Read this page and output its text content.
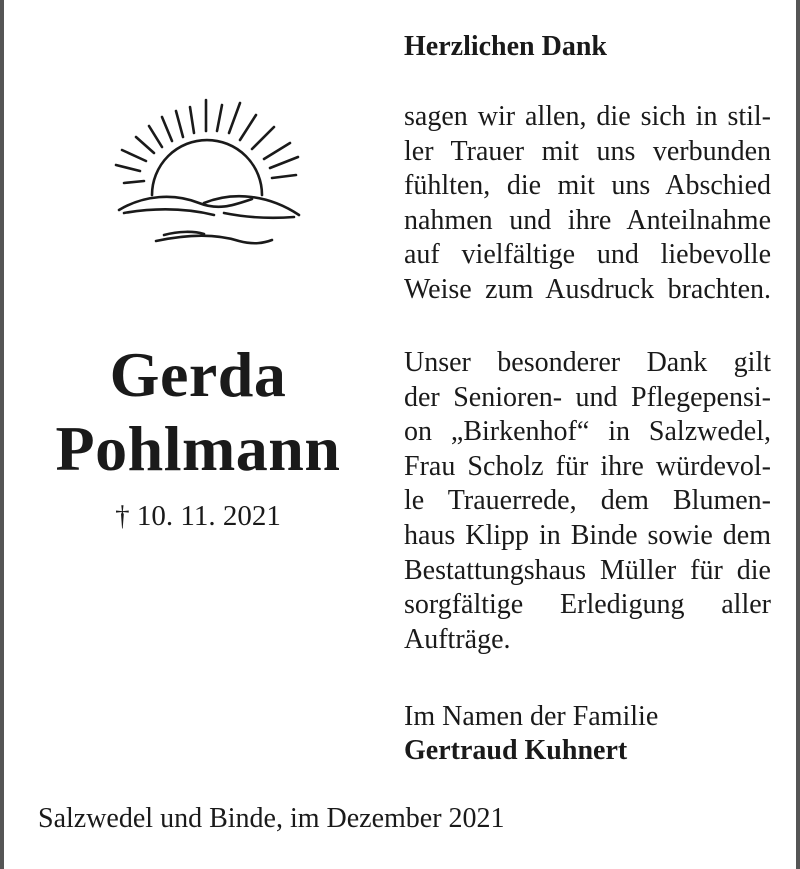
Gerda
Pohlmann
† 10. 11. 2021
Herzlichen Dank
sagen wir allen, die sich in stil-
ler Trauer mit uns verbunden
fühlten, die mit uns Abschied
nahmen und ihre Anteilnahme
auf vielfältige und liebevolle
Weise zum Ausdruck brachten.
Unser besonderer Dank gilt
der Senioren- und Pflegepensi-
on „Birkenhof“ in Salzwedel,
Frau Scholz für ihre würdevol-
le Trauerrede, dem Blumen-
haus Klipp in Binde sowie dem
Bestattungshaus Müller für die
sorgfältige Erledigung aller
Aufträge.
Im Namen der Familie
Gertraud Kuhnert
Salzwedel und Binde, im Dezember 2021
